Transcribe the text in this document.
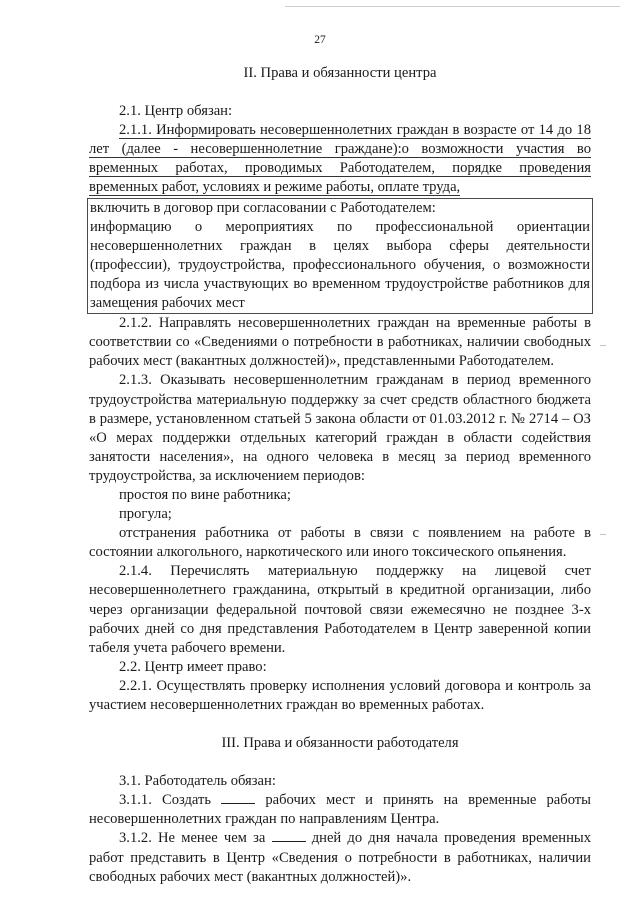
27
–
–

II. Права и обязанности центра

2.1. Центр обязан:

2.1.1. Информировать несовершеннолетних граждан в возрасте от 14 до 18 лет (далее - несовершеннолетние граждане):о возможности участия во временных работах, проводимых Работодателем, порядке проведения временных работ, условиях и режиме работы, оплате труда,

включить в договор при согласовании с Работодателем:

информацию о мероприятиях по профессиональной ориентации несовершеннолетних граждан в целях выбора сферы деятельности (профессии), трудоустройства, профессионального обучения, о возможности подбора из числа участвующих во временном трудоустройстве работников для замещения рабочих мест

2.1.2. Направлять несовершеннолетних граждан на временные работы в соответствии со «Сведениями о потребности в работниках, наличии свободных рабочих мест (вакантных должностей)», представленными Работодателем.

2.1.3. Оказывать несовершеннолетним гражданам в период временного трудоустройства материальную поддержку за счет средств областного бюджета в размере, установленном статьей 5 закона области от 01.03.2012 г. № 2714 – ОЗ «О мерах поддержки отдельных категорий граждан в области содействия занятости населения», на одного человека в месяц за период временного трудоустройства, за исключением периодов:

простоя по вине работника;

прогула;

отстранения работника от работы в связи с появлением на работе в состоянии алкогольного, наркотического или иного токсического опьянения.

2.1.4. Перечислять материальную поддержку на лицевой счет несовершеннолетнего гражданина, открытый в кредитной организации, либо через организации федеральной почтовой связи ежемесячно не позднее 3-х рабочих дней со дня представления Работодателем в Центр заверенной копии табеля учета рабочего времени.

2.2. Центр имеет право:

2.2.1. Осуществлять проверку исполнения условий договора и контроль за участием несовершеннолетних граждан во временных работах.

III. Права и обязанности работодателя

3.1. Работодатель обязан:

3.1.1. Создать	рабочих мест и принять на временные работы несовершеннолетних граждан по направлениям Центра.

3.1.2. Не менее чем за	дней до дня начала проведения временных работ представить в Центр «Сведения о потребности в работниках, наличии свободных рабочих мест (вакантных должностей)».
